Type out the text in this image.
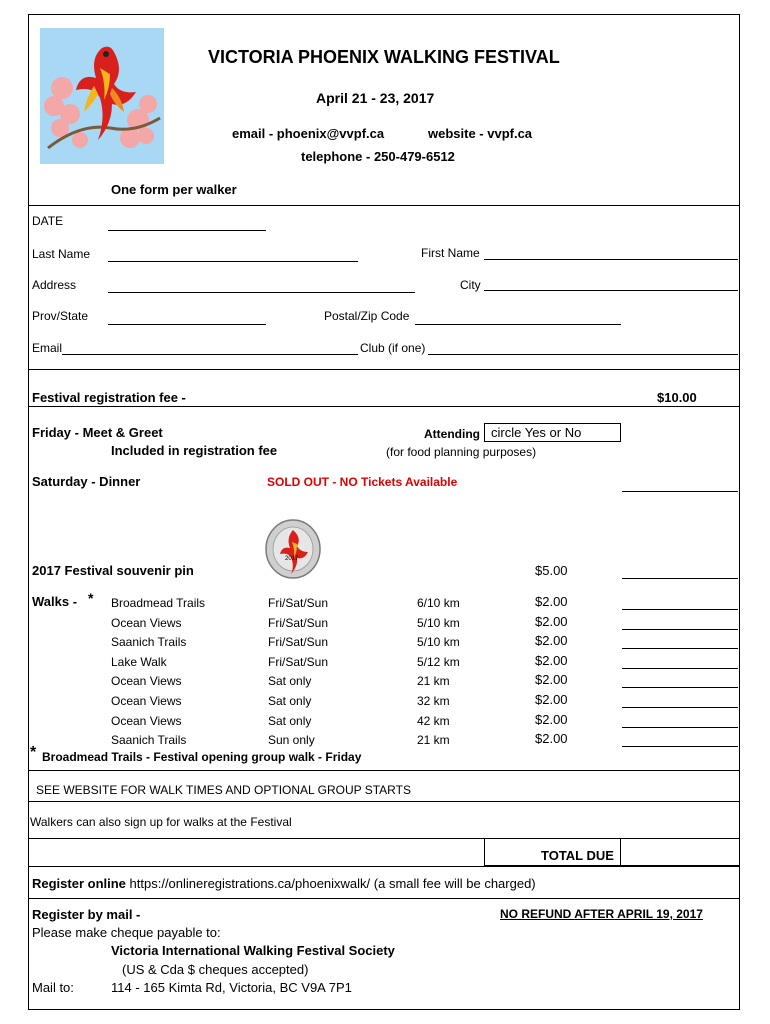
VICTORIA PHOENIX WALKING FESTIVAL
April 21 - 23, 2017
email - phoenix@vvpf.ca	website - vvpf.ca
telephone - 250-479-6512
One form per walker
DATE
Last Name	First Name
Address	City
Prov/State	Postal/Zip Code
Email	Club (if one)
Festival registration fee -	$10.00
Friday - Meet & Greet
Included in registration fee
Attending circle Yes or No
(for food planning purposes)
Saturday - Dinner	SOLD OUT - NO Tickets Available
2017
2017 Festival souvenir pin	$5.00
Walks - * Broadmead Trails	Fri/Sat/Sun	6/10 km	$2.00
Ocean Views	Fri/Sat/Sun	5/10 km	$2.00
Saanich Trails	Fri/Sat/Sun	5/10 km	$2.00
Lake Walk	Fri/Sat/Sun	5/12 km	$2.00
Ocean Views	Sat only	21 km	$2.00
Ocean Views	Sat only	32 km	$2.00
Ocean Views	Sat only	42 km	$2.00
Saanich Trails	Sun only	21 km	$2.00
* Broadmead Trails - Festival opening group walk - Friday
SEE WEBSITE FOR WALK TIMES AND OPTIONAL GROUP STARTS
Walkers can also sign up for walks at the Festival
TOTAL DUE
Register online https://onlineregistrations.ca/phoenixwalk/ (a small fee will be charged)
Register by mail -	NO REFUND AFTER APRIL 19, 2017
Please make cheque payable to:
Victoria International Walking Festival Society
(US & Cda $ cheques accepted)
Mail to:	114 - 165 Kimta Rd, Victoria, BC V9A 7P1
